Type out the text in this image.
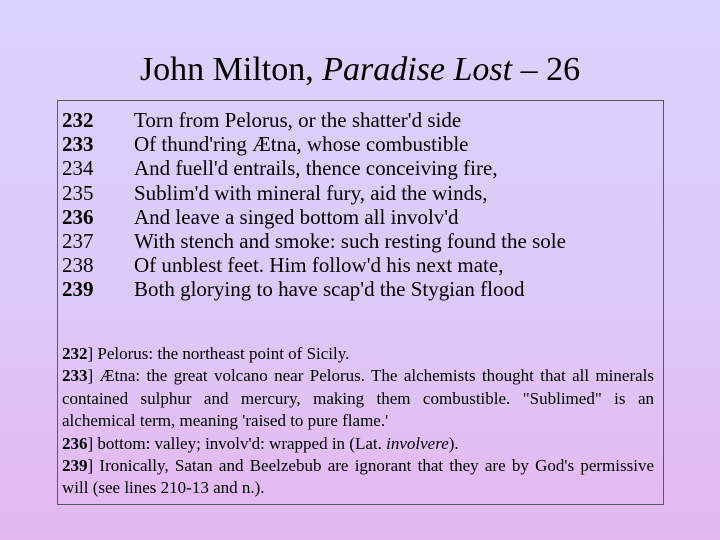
John Milton, Paradise Lost – 26
232	Torn from Pelorus, or the shatter'd side
233	Of thund'ring Ætna, whose combustible
234	And fuell'd entrails, thence conceiving fire,
235	Sublim'd with mineral fury, aid the winds,
236	And leave a singed bottom all involv'd
237	With stench and smoke: such resting found the sole
238	Of unblest feet. Him follow'd his next mate,
239	Both glorying to have scap'd the Stygian flood

232] Pelorus: the northeast point of Sicily.

233] Ætna: the great volcano near Pelorus. The alchemists thought that all minerals contained sulphur and mercury, making them combustible. "Sublimed" is an alchemical term, meaning 'raised to pure flame.'

236] bottom: valley; involv'd: wrapped in (Lat. involvere).

239] Ironically, Satan and Beelzebub are ignorant that they are by God's permissive will (see lines 210-13 and n.).
